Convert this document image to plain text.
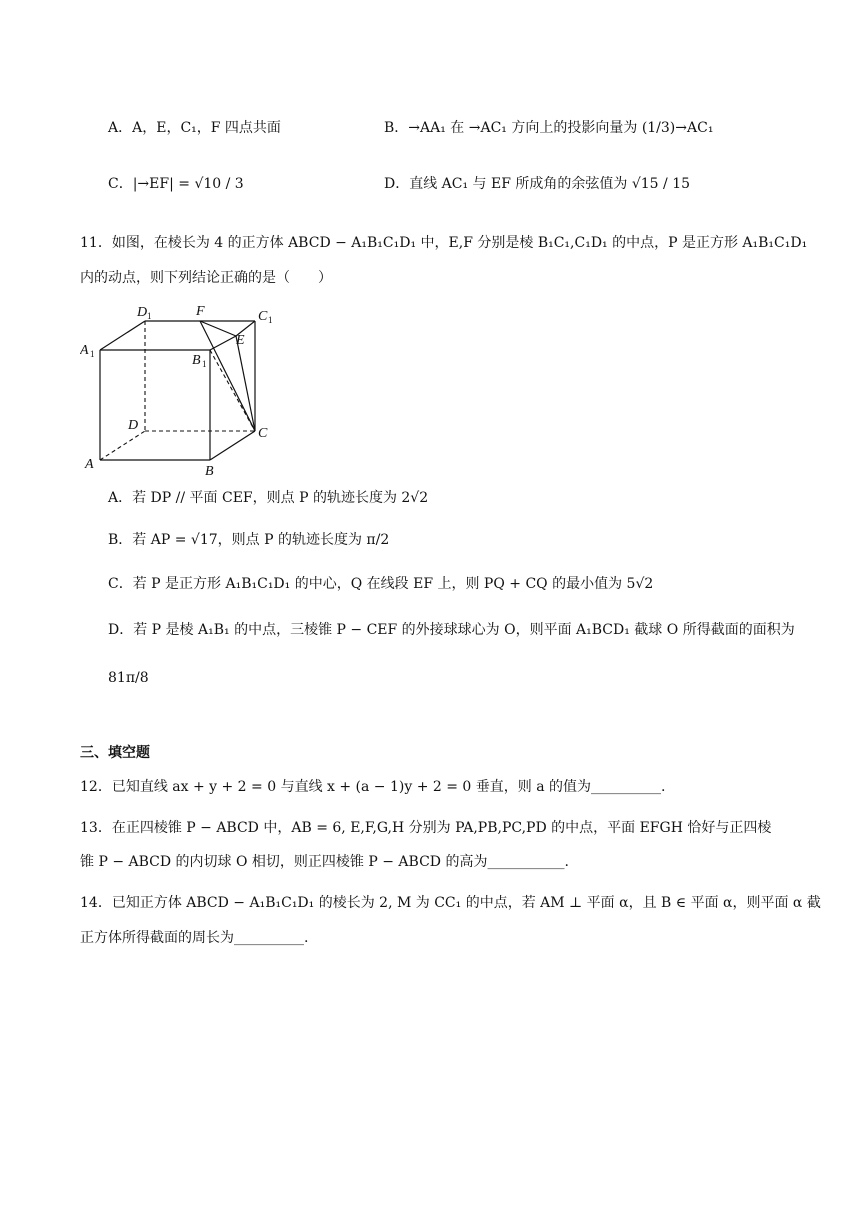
A．A，E，C₁，F 四点共面	B．→AA₁ 在 →AC₁ 方向上的投影向量为 (1/3)→AC₁
C．|→EF| = √10 / 3	D．直线 AC₁ 与 EF 所成角的余弦值为 √15 / 15
11．如图，在棱长为 4 的正方体 ABCD − A₁B₁C₁D₁ 中，E,F 分别是棱 B₁C₁,C₁D₁ 的中点，P 是正方形 A₁B₁C₁D₁
内的动点，则下列结论正确的是（　　）
D 1	F	C 1
A 1
E
B 1
D
C
A	B
A．若 DP // 平面 CEF，则点 P 的轨迹长度为 2√2
B．若 AP = √17，则点 P 的轨迹长度为 π/2
C．若 P 是正方形 A₁B₁C₁D₁ 的中心，Q 在线段 EF 上，则 PQ + CQ 的最小值为 5√2
D．若 P 是棱 A₁B₁ 的中点，三棱锥 P − CEF 的外接球球心为 O，则平面 A₁BCD₁ 截球 O 所得截面的面积为
81π/8
三、填空题
12．已知直线 ax + y + 2 = 0 与直线 x + (a − 1)y + 2 = 0 垂直，则 a 的值为__________.
13．在正四棱锥 P − ABCD 中，AB = 6, E,F,G,H 分别为 PA,PB,PC,PD 的中点，平面 EFGH 恰好与正四棱
锥 P − ABCD 的内切球 O 相切，则正四棱锥 P − ABCD 的高为___________.
14．已知正方体 ABCD − A₁B₁C₁D₁ 的棱长为 2, M 为 CC₁ 的中点，若 AM ⊥ 平面 α，且 B ∈ 平面 α，则平面 α 截
正方体所得截面的周长为__________.
